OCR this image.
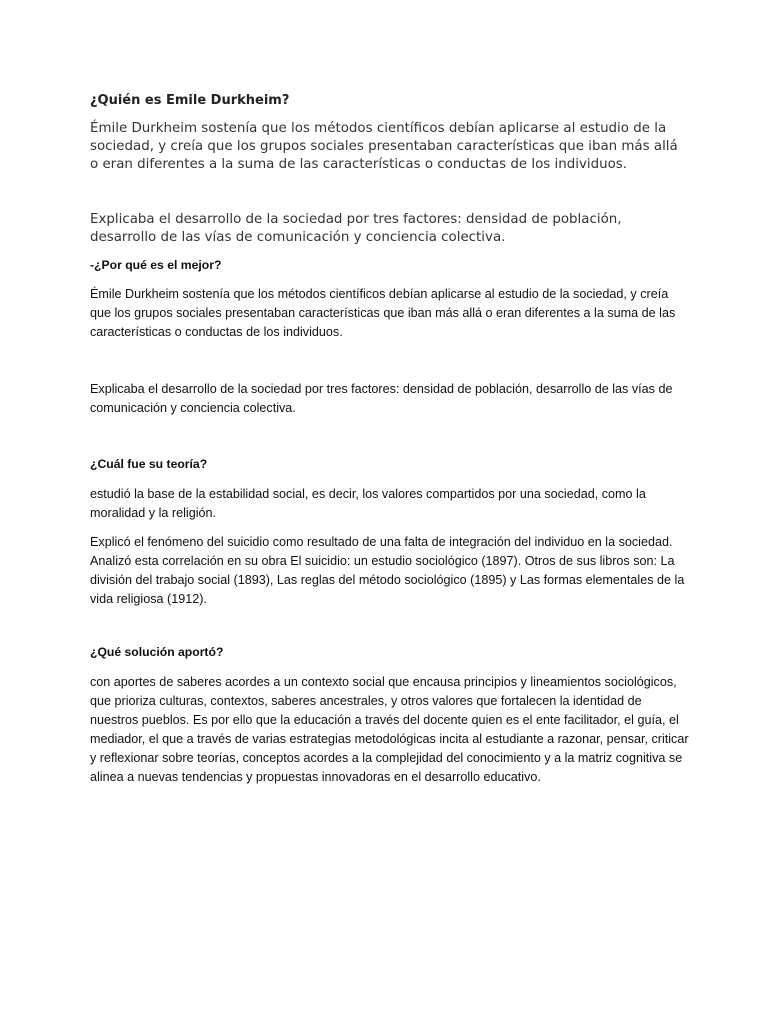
¿Quién es Emile Durkheim?

Émile Durkheim sostenía que los métodos científicos debían aplicarse al estudio de la sociedad, y creía que los grupos sociales presentaban características que iban más allá o eran diferentes a la suma de las características o conductas de los individuos.

Explicaba el desarrollo de la sociedad por tres factores: densidad de población, desarrollo de las vías de comunicación y conciencia colectiva.

-¿Por qué es el mejor?

Émile Durkheim sostenía que los métodos científicos debían aplicarse al estudio de la sociedad, y creía que los grupos sociales presentaban características que iban más allá o eran diferentes a la suma de las características o conductas de los individuos.

Explicaba el desarrollo de la sociedad por tres factores: densidad de población, desarrollo de las vías de comunicación y conciencia colectiva.

¿Cuál fue su teoría?

estudió la base de la estabilidad social, es decir, los valores compartidos por una sociedad, como la moralidad y la religión.

Explicó el fenómeno del suicidio como resultado de una falta de integración del individuo en la sociedad. Analizó esta correlación en su obra El suicidio: un estudio sociológico (1897). Otros de sus libros son: La división del trabajo social (1893), Las reglas del método sociológico (1895) y Las formas elementales de la vida religiosa (1912).

¿Qué solución aportó?

con aportes de saberes acordes a un contexto social que encausa principios y lineamientos sociológicos, que prioriza culturas, contextos, saberes ancestrales, y otros valores que fortalecen la identidad de nuestros pueblos. Es por ello que la educación a través del docente quien es el ente facilitador, el guía, el mediador, el que a través de varias estrategias metodológicas incita al estudiante a razonar, pensar, criticar y reflexionar sobre teorías, conceptos acordes a la complejidad del conocimiento y a la matriz cognitiva se alinea a nuevas tendencias y propuestas innovadoras en el desarrollo educativo.
